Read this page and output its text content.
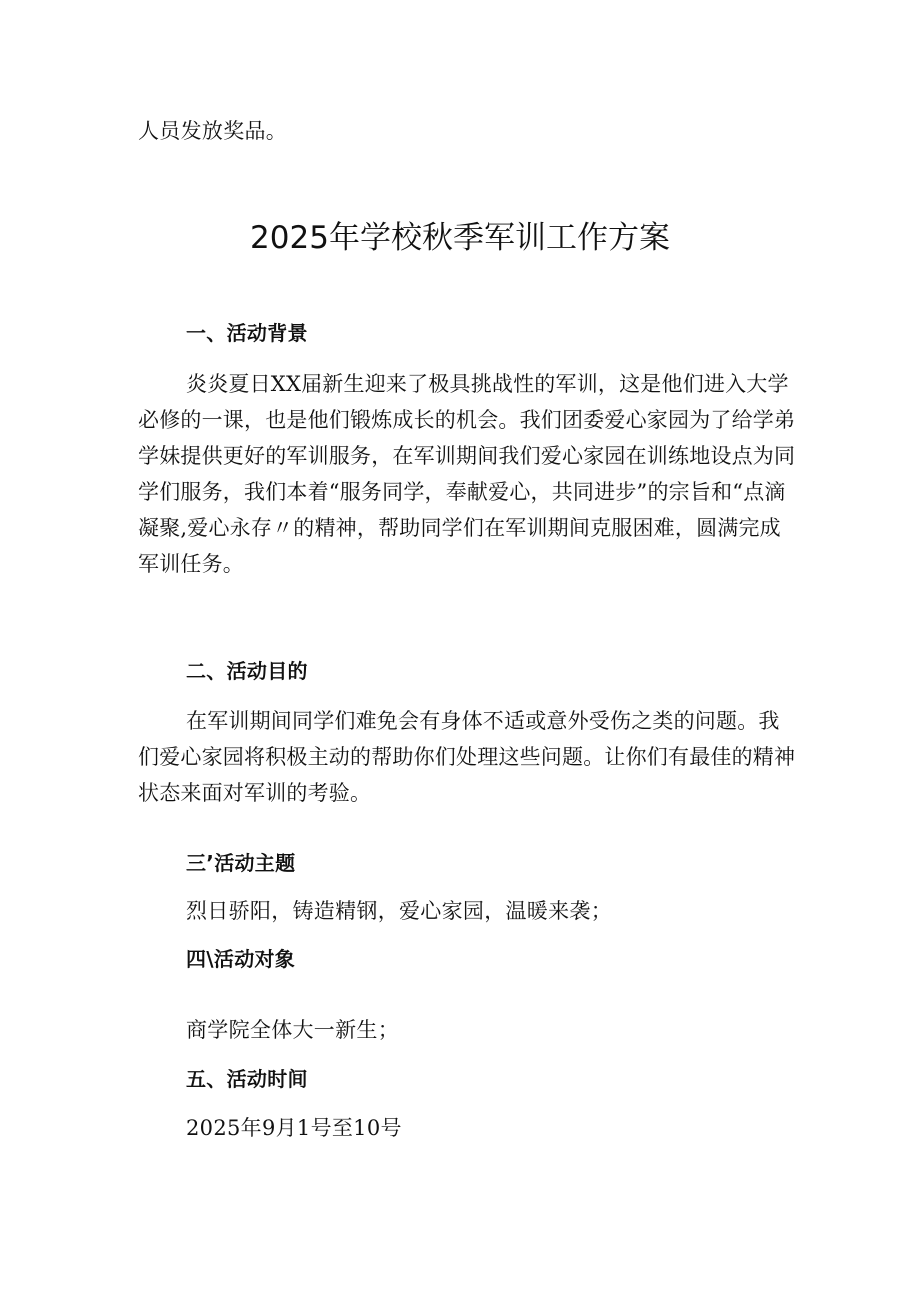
人员发放奖品。

2025年学校秋季军训工作方案

一、活动背景

炎炎夏日XX届新生迎来了极具挑战性的军训，这是他们进入大学必修的一课，也是他们锻炼成长的机会。我们团委爱心家园为了给学弟学妹提供更好的军训服务，在军训期间我们爱心家园在训练地设点为同学们服务，我们本着“服务同学，奉献爱心，共同进步”的宗旨和“点滴凝聚,爱心永存〃的精神，帮助同学们在军训期间克服困难，圆满完成军训任务。

二、活动目的

在军训期间同学们难免会有身体不适或意外受伤之类的问题。我们爱心家园将积极主动的帮助你们处理这些问题。让你们有最佳的精神状态来面对军训的考验。

三’活动主题

烈日骄阳，铸造精钢，爱心家园，温暖来袭；

四\活动对象

商学院全体大一新生；

五、活动时间

2025年9月1号至10号
